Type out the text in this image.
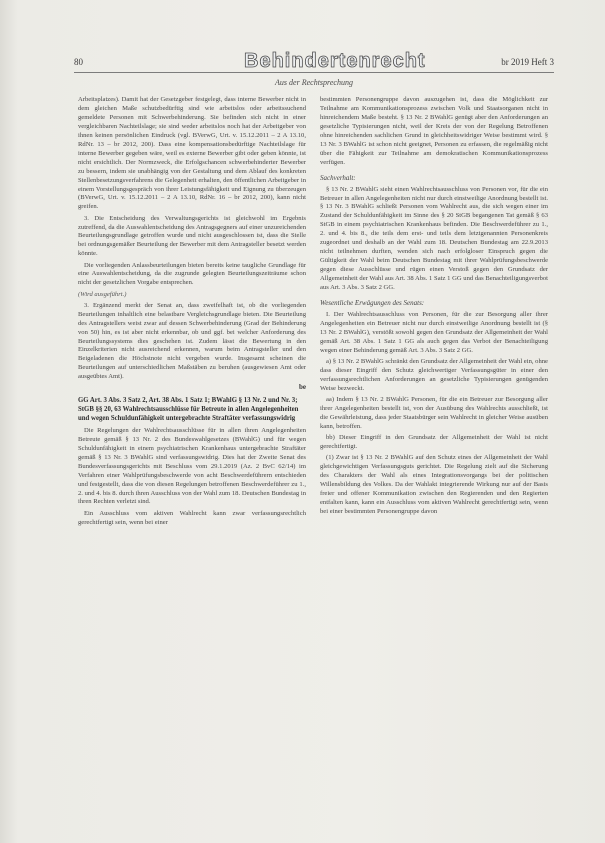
80	Behindertenrecht	br 2019 Heft 3
Aus der Rechtsprechung

Arbeitsplatzes). Damit hat der Gesetzgeber festgelegt, dass interne Bewerber nicht in dem gleichen Maße schutzbedürftig sind wie arbeitslos oder arbeitssuchend gemeldete Personen mit Schwerbehinderung. Sie befinden sich nicht in einer vergleichbaren Nachteilslage; sie sind weder arbeitslos noch hat der Arbeitgeber von ihnen keinen persönlichen Eindruck (vgl. BVerwG, Urt. v. 15.12.2011 – 2 A 13.10, RdNr. 13 – br 2012, 200). Dass eine kompensationsbedürftige Nachteilslage für interne Bewerber gegeben wäre, weil es externe Bewerber gibt oder geben könnte, ist nicht ersichtlich. Der Normzweck, die Erfolgschancen schwerbehinderter Bewerber zu bessern, indem sie unabhängig von der Gestaltung und dem Ablauf des konkreten Stellenbesetzungsverfahrens die Gelegenheit erhalten, den öffentlichen Arbeitgeber in einem Vorstellungsgespräch von ihrer Leistungsfähigkeit und Eignung zu überzeugen (BVerwG, Urt. v. 15.12.2011 – 2 A 13.10, RdNr. 16 – br 2012, 200), kann nicht greifen.

3. Die Entscheidung des Verwaltungsgerichts ist gleichwohl im Ergebnis zutreffend, da die Auswahlentscheidung des Antragsgegners auf einer unzureichenden Beurteilungsgrundlage getroffen wurde und nicht ausgeschlossen ist, dass die Stelle bei ordnungsgemäßer Beurteilung der Bewerber mit dem Antragsteller besetzt werden könnte.

Die vorliegenden Anlassbeurteilungen bieten bereits keine taugliche Grundlage für eine Auswahlentscheidung, da die zugrunde gelegten Beurteilungszeiträume schon nicht der gesetzlichen Vorgabe entsprechen.

(Wird ausgeführt.)

3. Ergänzend merkt der Senat an, dass zweifelhaft ist, ob die vorliegenden Beurteilungen inhaltlich eine belastbare Vergleichsgrundlage bieten. Die Beurteilung des Antragstellers weist zwar auf dessen Schwerbehinderung (Grad der Behinderung von 50) hin, es ist aber nicht erkennbar, ob und ggf. bei welcher Anforderung des Beurteilungssystems dies geschehen ist. Zudem lässt die Bewertung in den Einzelkriterien nicht ausreichend erkennen, warum beim Antragsteller und den Beigeladenen die Höchstnote nicht vergeben wurde. Insgesamt scheinen die Beurteilungen auf unterschiedlichen Maßstäben zu beruhen (ausgewiesen Amt oder ausgeübtes Amt).

be
GG Art. 3 Abs. 3 Satz 2, Art. 38 Abs. 1 Satz 1; BWahlG § 13 Nr. 2 und Nr. 3; StGB §§ 20, 63 Wahlrechtsausschlüsse für Betreute in allen Angelegenheiten und wegen Schuldunfähigkeit untergebrachte Straftäter verfassungswidrig

Die Regelungen der Wahlrechtsausschlüsse für in allen ihren Angelegenheiten Betreute gemäß § 13 Nr. 2 des Bundeswahlgesetzes (BWahlG) und für wegen Schuldunfähigkeit in einem psychiatrischen Krankenhaus untergebrachte Straftäter gemäß § 13 Nr. 3 BWahlG sind verfassungswidrig. Dies hat der Zweite Senat des Bundesverfassungsgerichts mit Beschluss vom 29.1.2019 (Az. 2 BvC 62/14) im Verfahren einer Wahlprüfungsbeschwerde von acht Beschwerdeführern entschieden und festgestellt, dass die von diesen Regelungen betroffenen Beschwerdeführer zu 1., 2. und 4. bis 8. durch ihren Ausschluss von der Wahl zum 18. Deutschen Bundestag in ihren Rechten verletzt sind.

Ein Ausschluss vom aktiven Wahlrecht kann zwar verfassungsrechtlich gerechtfertigt sein, wenn bei einer

bestimmten Personengruppe davon auszugehen ist, dass die Möglichkeit zur Teilnahme am Kommunikationsprozess zwischen Volk und Staatsorganen nicht in hinreichendem Maße besteht. § 13 Nr. 2 BWahlG genügt aber den Anforderungen an gesetzliche Typisierungen nicht, weil der Kreis der von der Regelung Betroffenen ohne hinreichenden sachlichen Grund in gleichheitswidriger Weise bestimmt wird. § 13 Nr. 3 BWahlG ist schon nicht geeignet, Personen zu erfassen, die regelmäßig nicht über die Fähigkeit zur Teilnahme am demokratischen Kommunikationsprozess verfügen.

Sachverhalt:

§ 13 Nr. 2 BWahlG sieht einen Wahlrechtsausschluss von Personen vor, für die ein Betreuer in allen Angelegenheiten nicht nur durch einstweilige Anordnung bestellt ist. § 13 Nr. 3 BWahlG schließt Personen vom Wahlrecht aus, die sich wegen einer im Zustand der Schuldunfähigkeit im Sinne des § 20 StGB begangenen Tat gemäß § 63 StGB in einem psychiatrischen Krankenhaus befinden. Die Beschwerdeführer zu 1., 2. und 4. bis 8., die teils dem erst- und teils dem letztgenannten Personenkreis zugeordnet und deshalb an der Wahl zum 18. Deutschen Bundestag am 22.9.2013 nicht teilnehmen durften, wenden sich nach erfolgloser Einspruch gegen die Gültigkeit der Wahl beim Deutschen Bundestag mit ihrer Wahlprüfungsbeschwerde gegen diese Ausschlüsse und rügen einen Verstoß gegen den Grundsatz der Allgemeinheit der Wahl aus Art. 38 Abs. 1 Satz 1 GG und das Benachteiligungsverbot aus Art. 3 Abs. 3 Satz 2 GG.

Wesentliche Erwägungen des Senats:

I. Der Wahlrechtsausschluss von Personen, für die zur Besorgung aller ihrer Angelegenheiten ein Betreuer nicht nur durch einstweilige Anordnung bestellt ist (§ 13 Nr. 2 BWahlG), verstößt sowohl gegen den Grundsatz der Allgemeinheit der Wahl gemäß Art. 38 Abs. 1 Satz 1 GG als auch gegen das Verbot der Benachteiligung wegen einer Behinderung gemäß Art. 3 Abs. 3 Satz 2 GG.

a) § 13 Nr. 2 BWahlG schränkt den Grundsatz der Allgemeinheit der Wahl ein, ohne dass dieser Eingriff den Schutz gleichwertiger Verfassungsgüter in einer den verfassungsrechtlichen Anforderungen an gesetzliche Typisierungen genügenden Weise bezweckt.

aa) Indem § 13 Nr. 2 BWahlG Personen, für die ein Betreuer zur Besorgung aller ihrer Angelegenheiten bestellt ist, von der Ausübung des Wahlrechts ausschließt, ist die Gewährleistung, dass jeder Staatsbürger sein Wahlrecht in gleicher Weise ausüben kann, betroffen.

bb) Dieser Eingriff in den Grundsatz der Allgemeinheit der Wahl ist nicht gerechtfertigt.

(1) Zwar ist § 13 Nr. 2 BWahlG auf den Schutz eines der Allgemeinheit der Wahl gleichgewichtigen Verfassungsguts gerichtet. Die Regelung zielt auf die Sicherung des Charakters der Wahl als eines Integrationsvorgangs bei der politischen Willensbildung des Volkes. Da der Wahlakt integrierende Wirkung nur auf der Basis freier und offener Kommunikation zwischen den Regierenden und den Regierten entfalten kann, kann ein Ausschluss vom aktiven Wahlrecht gerechtfertigt sein, wenn bei einer bestimmten Personengruppe davon
